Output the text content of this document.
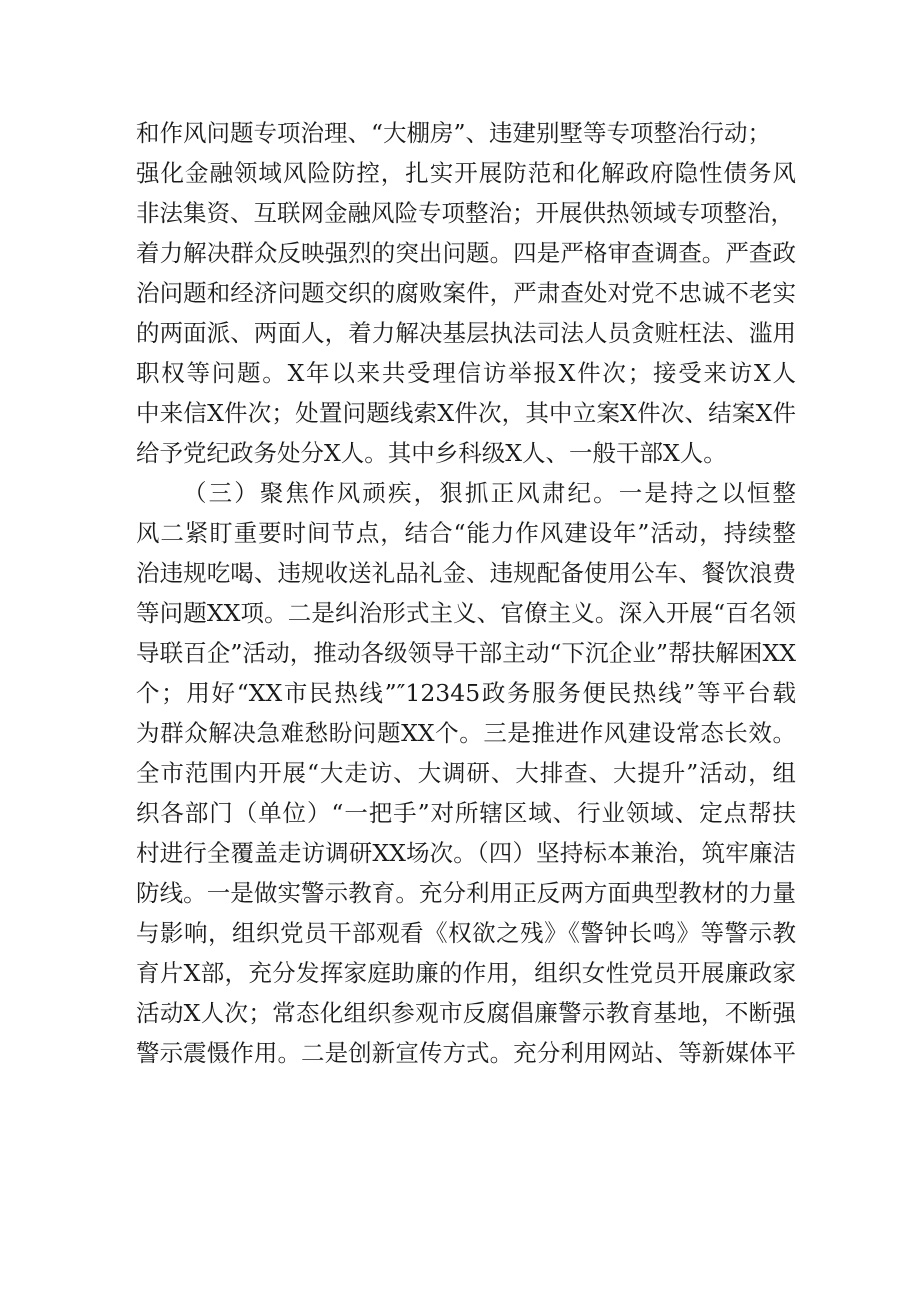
和作风问题专项治理、“大棚房”、违建别墅等专项整治行动；
强化金融领域风险防控，扎实开展防范和化解政府隐性债务风
非法集资、互联网金融风险专项整治；开展供热领域专项整治，
着力解决群众反映强烈的突出问题。四是严格审查调查。严查政
治问题和经济问题交织的腐败案件，严肃查处对党不忠诚不老实
的两面派、两面人，着力解决基层执法司法人员贪赃枉法、滥用
职权等问题。X年以来共受理信访举报X件次；接受来访X人
中来信X件次；处置问题线索X件次，其中立案X件次、结案X件
给予党纪政务处分X人。其中乡科级X人、一般干部X人。
（三）聚焦作风顽疾，狠抓正风肃纪。一是持之以恒整
风二紧盯重要时间节点，结合“能力作风建设年”活动，持续整
治违规吃喝、违规收送礼品礼金、违规配备使用公车、餐饮浪费
等问题XX项。二是纠治形式主义、官僚主义。深入开展“百名领
导联百企”活动，推动各级领导干部主动“下沉企业”帮扶解困XX
个；用好“XX市民热线”″12345政务服务便民热线”等平台载
为群众解决急难愁盼问题XX个。三是推进作风建设常态长效。
全市范围内开展“大走访、大调研、大排查、大提升”活动，组
织各部门（单位）“一把手”对所辖区域、行业领域、定点帮扶
村进行全覆盖走访调研XX场次。（四）坚持标本兼治，筑牢廉洁
防线。一是做实警示教育。充分利用正反两方面典型教材的力量
与影响，组织党员干部观看《权欲之残》《警钟长鸣》等警示教
育片X部，充分发挥家庭助廉的作用，组织女性党员开展廉政家
活动X人次；常态化组织参观市反腐倡廉警示教育基地，不断强
警示震慑作用。二是创新宣传方式。充分利用网站、等新媒体平
